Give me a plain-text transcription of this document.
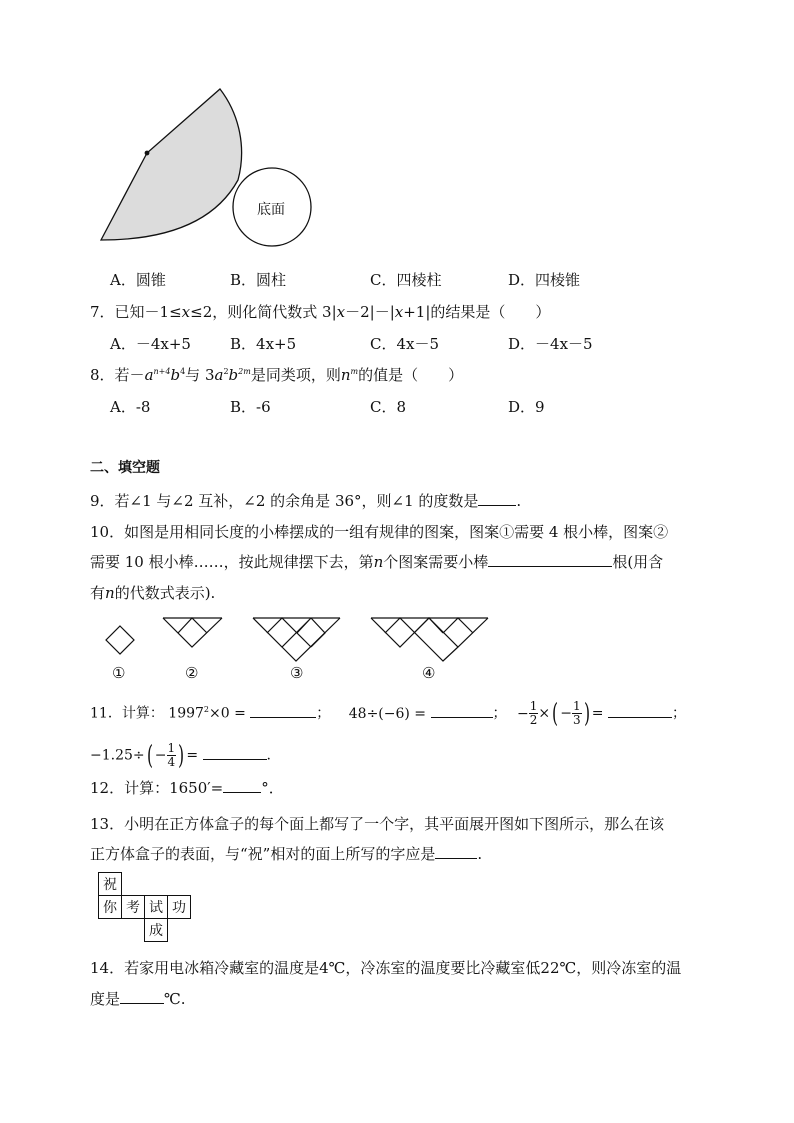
底面
A．圆锥	B．圆柱	C．四棱柱	D．四棱锥
7．已知－1≤x≤2，则化简代数式 3|x－2|－|x+1|的结果是（　　）
A．－4x+5	B．4x+5	C．4x－5	D．－4x－5
8．若$-a^{n+4}b^4$与 $3a^2b^{2m}$是同类项，则$n^m$的值是（　　）
A．-8	B．-6	C．8	D．9
二、填空题
9．若∠1 与∠2 互补，∠2 的余角是 36°，则∠1 的度数是	.
10．如图是用相同长度的小棒摆成的一组有规律的图案，图案①需要 4 根小棒，图案②
需要 10 根小棒……，按此规律摆下去，第n个图案需要小棒	根(用含
有n的代数式表示).
①	②	③	④
11．计算： $1997^2\times 0$ =	； 48÷(−6) =	； − $\frac{1}{2}$ ×( − $\frac{1}{3}$ ) =	；
$-1.25\div( - \frac{1}{4}$ ) =	.
12．计算：1650′=	°．
13．小明在正方体盒子的每个面上都写了一个字，其平面展开图如下图所示，那么在该
正方体盒子的表面，与“祝”相对的面上所写的字应是	.
祝			
你	考	试	功
		成	
14．若家用电冰箱冷藏室的温度是4℃，冷冻室的温度要比冷藏室低22℃，则冷冻室的温
度是	℃.
